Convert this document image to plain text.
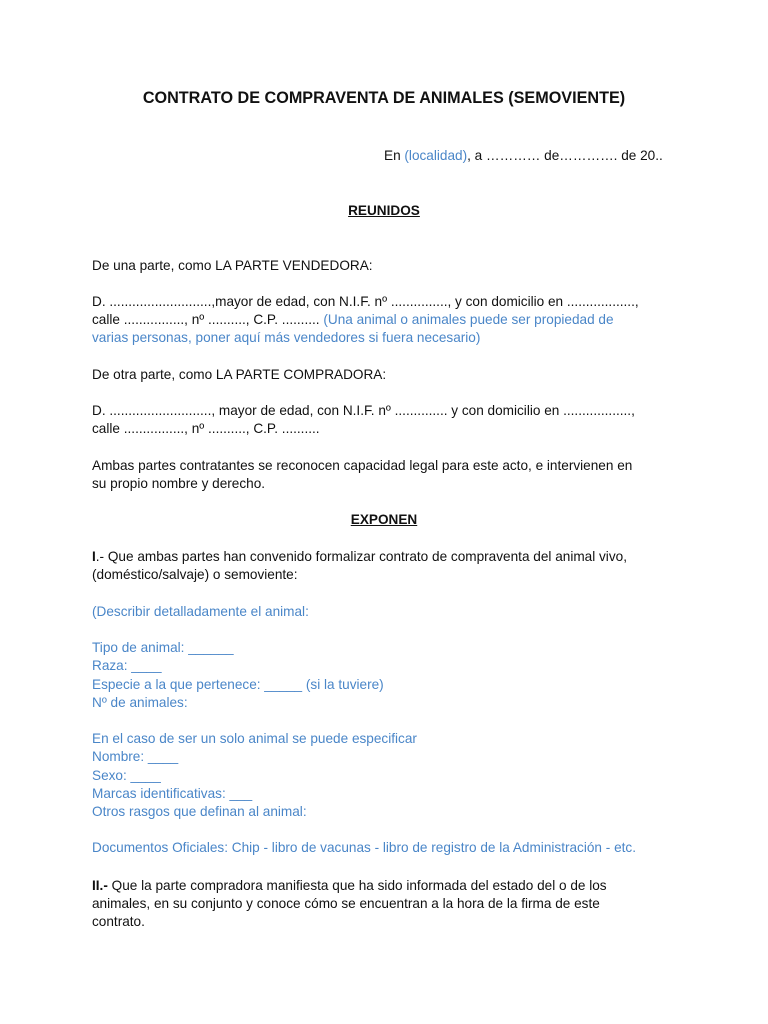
CONTRATO DE COMPRAVENTA DE ANIMALES (SEMOVIENTE)
En (localidad), a ………… de…………. de 20..
REUNIDOS
De una parte, como LA PARTE VENDEDORA:
D. ...........................,mayor de edad, con N.I.F. nº ..............., y con domicilio en ..................,
calle ................, nº .........., C.P. .......... (Una animal o animales puede ser propiedad de
varias personas, poner aquí más vendedores si fuera necesario)
De otra parte, como LA PARTE COMPRADORA:
D. ..........................., mayor de edad, con N.I.F. nº .............. y con domicilio en ..................,
calle ................, nº .........., C.P. ..........
Ambas partes contratantes se reconocen capacidad legal para este acto, e intervienen en
su propio nombre y derecho.
EXPONEN
I.- Que ambas partes han convenido formalizar contrato de compraventa del animal vivo,
(doméstico/salvaje) o semoviente:
(Describir detalladamente el animal:
Tipo de animal: ______
Raza: ____
Especie a la que pertenece: _____ (si la tuviere)
Nº de animales:
En el caso de ser un solo animal se puede especificar
Nombre: ____
Sexo: ____
Marcas identificativas: ___
Otros rasgos que definan al animal:
Documentos Oficiales: Chip - libro de vacunas - libro de registro de la Administración - etc.
II.- Que la parte compradora manifiesta que ha sido informada del estado del o de los
animales, en su conjunto y conoce cómo se encuentran a la hora de la firma de este
contrato.
